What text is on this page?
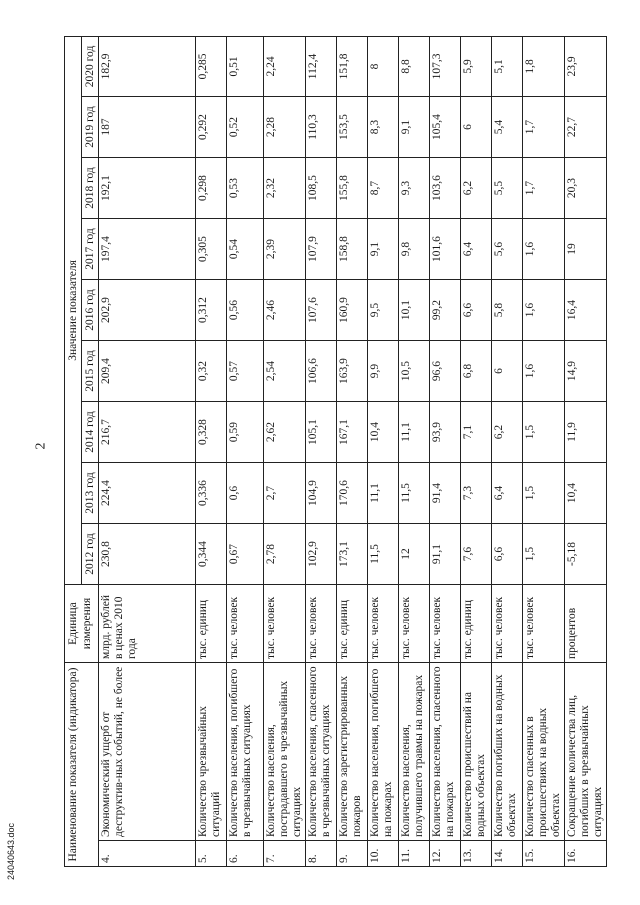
2
24040643.doc	Наименование показателя (индикатора)		Единица измерения	Значение показателя								
			2012 год	2013 год	2014 год	2015 год	2016 год	2017 год	2018 год	2019 год	2020 год
4.	Экономический ущерб от деструктив-ных событий, не более	млрд. рублей в ценах 2010 года	230,8	224,4	216,7	209,4	202,9	197,4	192,1	187	182,9
5.	Количество чрезвычайных ситуаций	тыс. единиц	0,344	0,336	0,328	0,32	0,312	0,305	0,298	0,292	0,285
6.	Количество населения, погибшего в чрезвычайных ситуациях	тыс. человек	0,67	0,6	0,59	0,57	0,56	0,54	0,53	0,52	0,51
7.	Количество населения, пострадавшего в чрезвычайных ситуациях	тыс. человек	2,78	2,7	2,62	2,54	2,46	2,39	2,32	2,28	2,24
8.	Количество населения, спасенного в чрезвычайных ситуациях	тыс. человек	102,9	104,9	105,1	106,6	107,6	107,9	108,5	110,3	112,4
9.	Количество зарегистрированных пожаров	тыс. единиц	173,1	170,6	167,1	163,9	160,9	158,8	155,8	153,5	151,8
10.	Количество населения, погибшего на пожарах	тыс. человек	11,5	11,1	10,4	9,9	9,5	9,1	8,7	8,3	8
11.	Количество населения, получившего травмы на пожарах	тыс. человек	12	11,5	11,1	10,5	10,1	9,8	9,3	9,1	8,8
12.	Количество населения, спасенного на пожарах	тыс. человек	91,1	91,4	93,9	96,6	99,2	101,6	103,6	105,4	107,3
13.	Количество происшествий на водных объектах	тыс. единиц	7,6	7,3	7,1	6,8	6,6	6,4	6,2	6	5,9
14.	Количество погибших на водных объектах	тыс. человек	6,6	6,4	6,2	6	5,8	5,6	5,5	5,4	5,1
15.	Количество спасенных в происшествиях на водных объектах	тыс. человек	1,5	1,5	1,5	1,6	1,6	1,6	1,7	1,7	1,8
16.	Сокращение количества лиц, погибших в чрезвычайных ситуациях	процентов	-5,18	10,4	11,9	14,9	16,4	19	20,3	22,7	23,9
